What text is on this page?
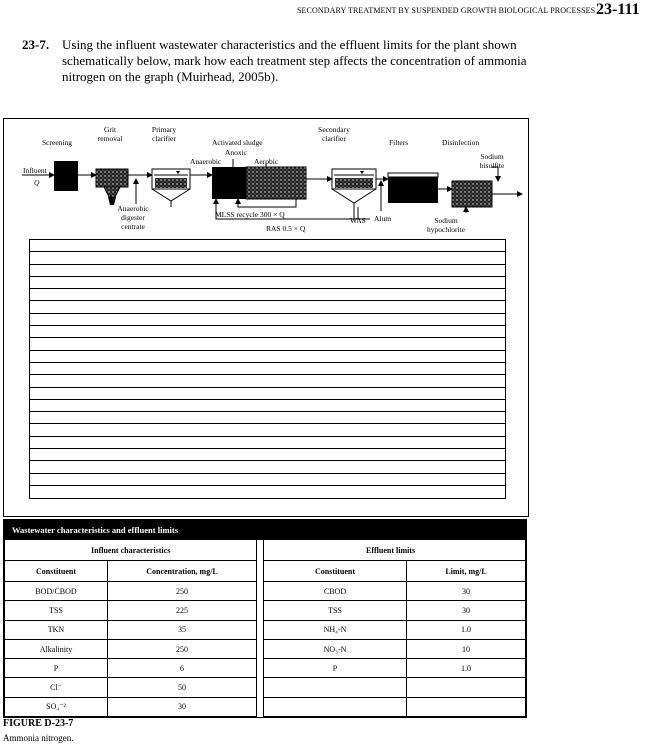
SECONDARY TREATMENT BY SUSPENDED GROWTH BIOLOGICAL PROCESSES 23-111
23-7. Using the influent wastewater characteristics and the effluent limits for the plant shown schematically below, mark how each treatment step affects the concentration of ammonia nitrogen on the graph (Muirhead, 2005b).
Screening
Grit removal
Primary clarifier	Activated sludge
Anoxic
Anaerobic	Aerobic
Secondary clarifier	Filters	Disinfection
Sodium bisulfite
Influent
Q
Anaerobic digester centrate
MLSS recycle 300 × Q
RAS 0.5 × Q
WAS Alum	Sodium hypochlorite
Wastewater characteristics and effluent limits
Influent characteristics			Effluent limits	
Constituent	Concentration, mg/L		Constituent	Limit, mg/L
BOD/CBOD	250		CBOD	30
TSS	225		TSS	30
TKN	35		NH₄-N	1.0
Alkalinity	250		NO₃-N	10
P	6		P	1.0
Cl⁻	50			
SO₄⁻²	30			
FIGURE D-23-7
Ammonia nitrogen.
